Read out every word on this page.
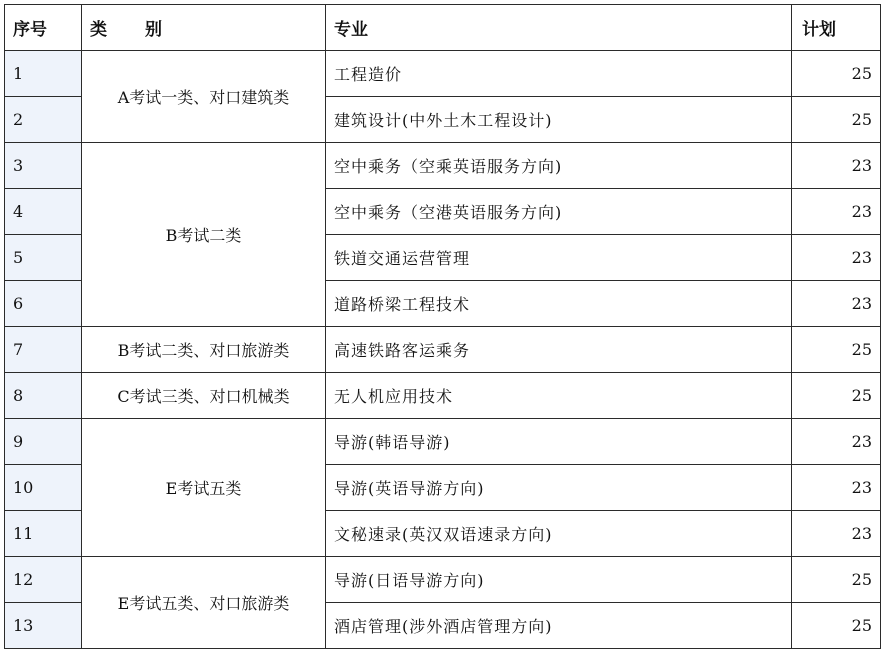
序号	类 别	专业	计划
1	A考试一类、对口建筑类	工程造价	25
2		建筑设计(中外土木工程设计)	25
3	B考试二类	空中乘务（空乘英语服务方向)	23
4		空中乘务（空港英语服务方向)	23
5		铁道交通运营管理	23
6		道路桥梁工程技术	23
7	B考试二类、对口旅游类	高速铁路客运乘务	25
8	C考试三类、对口机械类	无人机应用技术	25
9	E考试五类	导游(韩语导游)	23
10		导游(英语导游方向)	23
11		文秘速录(英汉双语速录方向)	23
12	E考试五类、对口旅游类	导游(日语导游方向)	25
13		酒店管理(涉外酒店管理方向)	25
